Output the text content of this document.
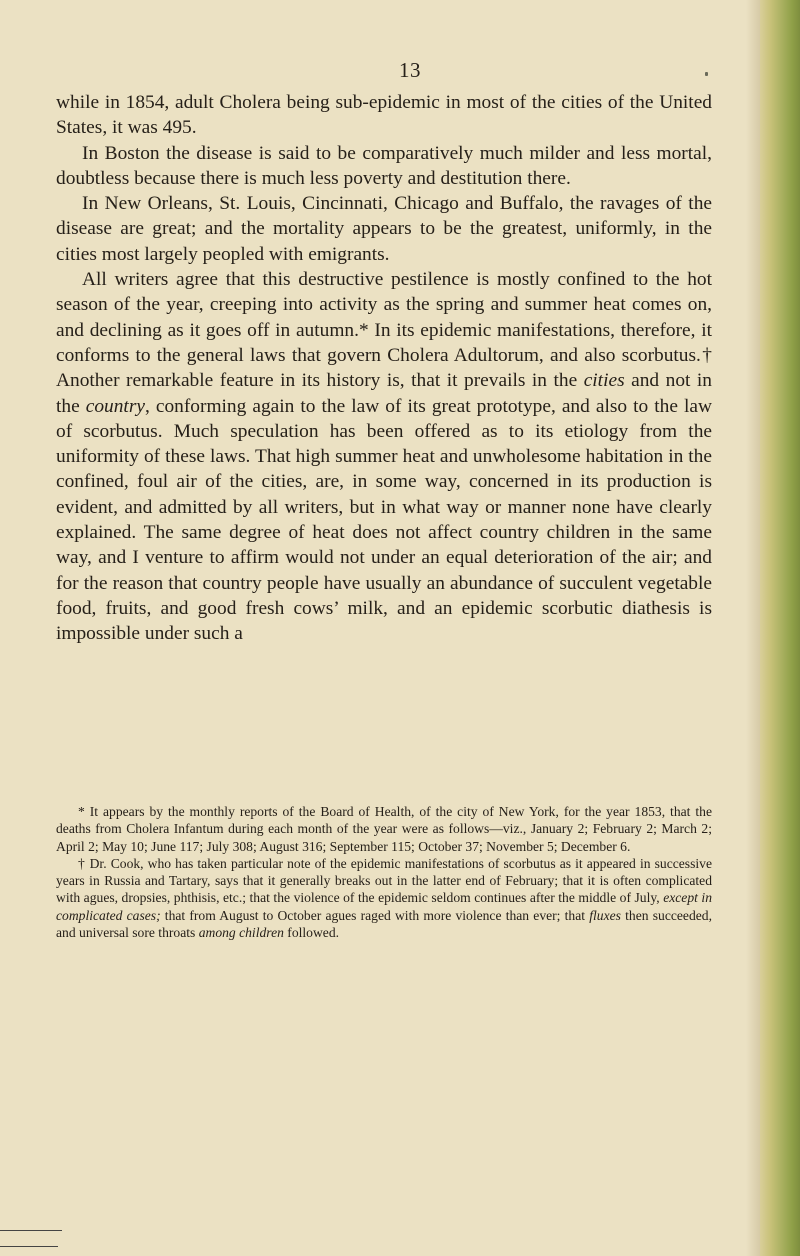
13

while in 1854, adult Cholera being sub-epidemic in most of the cities of the United States, it was 495.

In Boston the disease is said to be comparatively much milder and less mortal, doubtless because there is much less poverty and destitution there.

In New Orleans, St. Louis, Cincinnati, Chicago and Buffalo, the ravages of the disease are great; and the mortality appears to be the greatest, uniformly, in the cities most largely peopled with emigrants.

All writers agree that this destructive pestilence is mostly confined to the hot season of the year, creeping into activity as the spring and summer heat comes on, and declining as it goes off in autumn.* In its epidemic manifestations, therefore, it conforms to the general laws that govern Cholera Adultorum, and also scorbutus.† Another remarkable feature in its history is, that it prevails in the cities and not in the country, conforming again to the law of its great prototype, and also to the law of scorbutus. Much speculation has been offered as to its etiology from the uniformity of these laws. That high summer heat and unwholesome habitation in the confined, foul air of the cities, are, in some way, concerned in its production is evident, and admitted by all writers, but in what way or manner none have clearly explained. The same degree of heat does not affect country children in the same way, and I venture to affirm would not under an equal deterioration of the air; and for the reason that country people have usually an abundance of succulent vegetable food, fruits, and good fresh cows’ milk, and an epidemic scorbutic diathesis is impossible under such a

* It appears by the monthly reports of the Board of Health, of the city of New York, for the year 1853, that the deaths from Cholera Infantum during each month of the year were as follows—viz., January 2; February 2; March 2; April 2; May 10; June 117; July 308; August 316; September 115; October 37; November 5; December 6.

† Dr. Cook, who has taken particular note of the epidemic manifestations of scorbutus as it appeared in successive years in Russia and Tartary, says that it generally breaks out in the latter end of February; that it is often complicated with agues, dropsies, phthisis, etc.; that the violence of the epidemic seldom continues after the middle of July, except in complicated cases; that from August to October agues raged with more violence than ever; that fluxes then succeeded, and universal sore throats among children followed.
